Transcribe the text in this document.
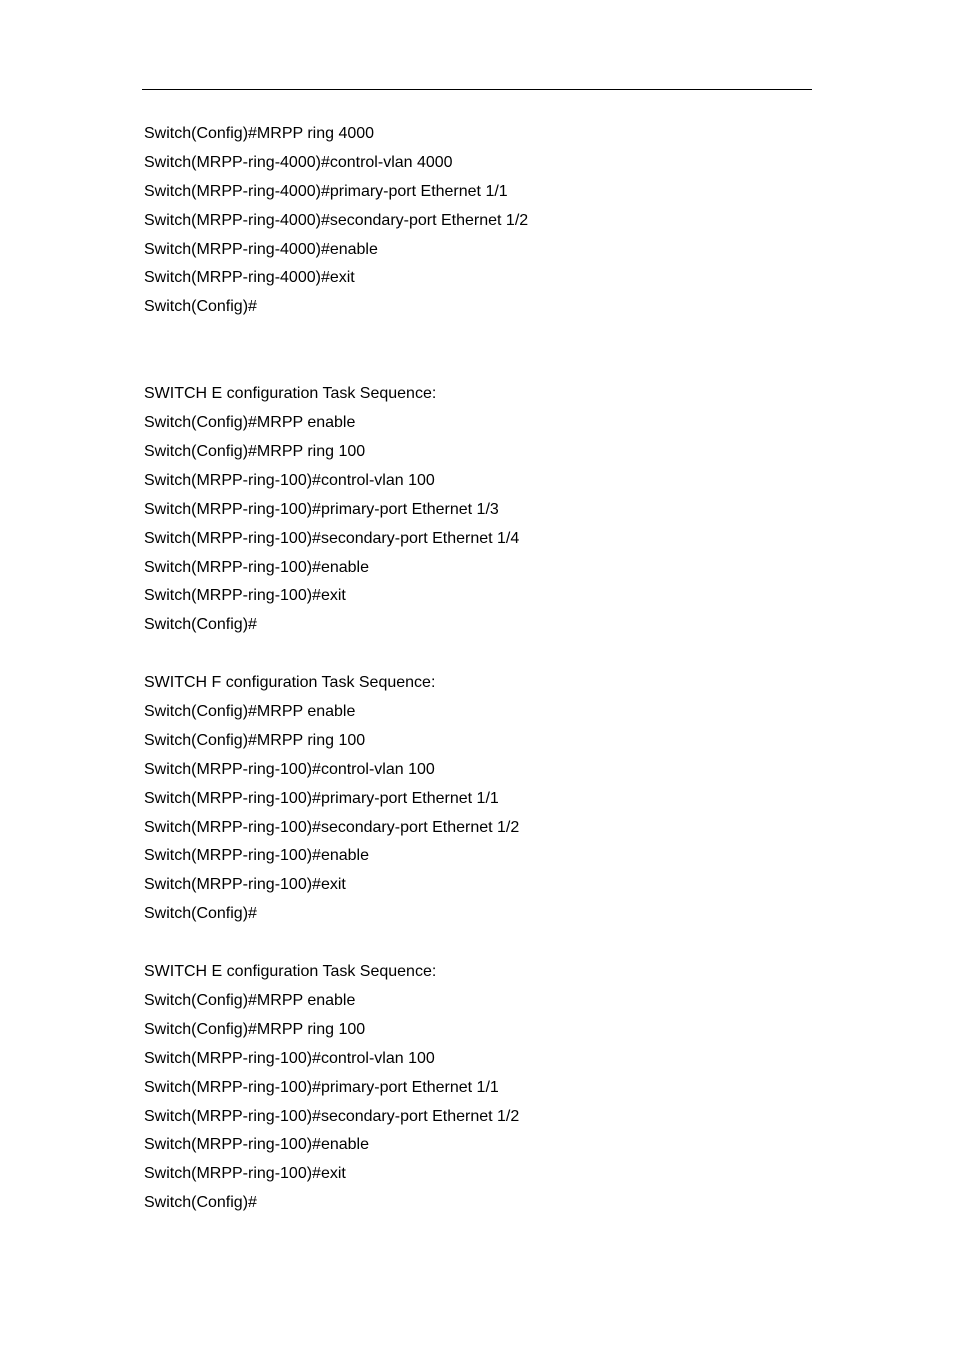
Switch(Config)#MRPP ring 4000
Switch(MRPP-ring-4000)#control-vlan 4000
Switch(MRPP-ring-4000)#primary-port Ethernet 1/1
Switch(MRPP-ring-4000)#secondary-port Ethernet 1/2
Switch(MRPP-ring-4000)#enable
Switch(MRPP-ring-4000)#exit
Switch(Config)#
SWITCH E configuration Task Sequence:
Switch(Config)#MRPP enable
Switch(Config)#MRPP ring 100
Switch(MRPP-ring-100)#control-vlan 100
Switch(MRPP-ring-100)#primary-port Ethernet 1/3
Switch(MRPP-ring-100)#secondary-port Ethernet 1/4
Switch(MRPP-ring-100)#enable
Switch(MRPP-ring-100)#exit
Switch(Config)#
SWITCH F configuration Task Sequence:
Switch(Config)#MRPP enable
Switch(Config)#MRPP ring 100
Switch(MRPP-ring-100)#control-vlan 100
Switch(MRPP-ring-100)#primary-port Ethernet 1/1
Switch(MRPP-ring-100)#secondary-port Ethernet 1/2
Switch(MRPP-ring-100)#enable
Switch(MRPP-ring-100)#exit
Switch(Config)#
SWITCH E configuration Task Sequence:
Switch(Config)#MRPP enable
Switch(Config)#MRPP ring 100
Switch(MRPP-ring-100)#control-vlan 100
Switch(MRPP-ring-100)#primary-port Ethernet 1/1
Switch(MRPP-ring-100)#secondary-port Ethernet 1/2
Switch(MRPP-ring-100)#enable
Switch(MRPP-ring-100)#exit
Switch(Config)#
